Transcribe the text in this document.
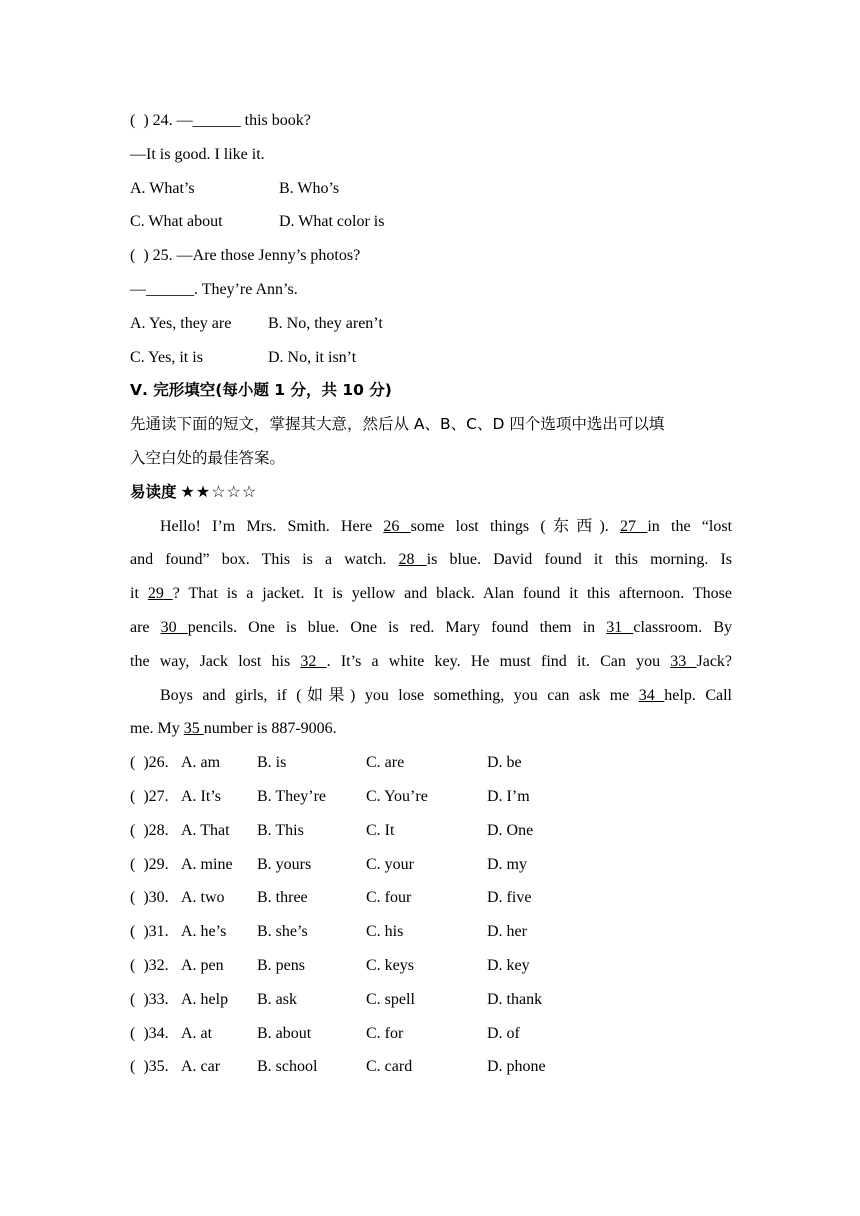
(  ) 24. —______ this book?
—It is good. I like it.
A. What’s	B. Who’s
C. What about	D. What color is
(  ) 25. —Are those Jenny’s photos?
—______. They’re Ann’s.
A. Yes, they are B. No, they aren’t
C. Yes, it is	D. No, it isn’t
Ⅴ. 完形填空(每小题 1 分，共 10 分)
先通读下面的短文，掌握其大意，然后从 A、B、C、D 四个选项中选出可以填
入空白处的最佳答案。
易读度 ★★☆☆☆
Hello! I’m Mrs. Smith. Here 26 some lost things (东西). 27 in the “lost
and found” box. This is a watch. 28 is blue. David found it this morning. Is
it 29 ? That is a jacket. It is yellow and black. Alan found it this afternoon. Those
are 30 pencils. One is blue. One is red. Mary found them in 31 classroom. By
the way, Jack lost his 32 . It’s a white key. He must find it. Can you 33 Jack?
Boys and girls, if (如果) you lose something, you can ask me 34 help. Call
me. My 35 number is 887-9006.
(  )26. A. am B. is	C. are	D. be
(  )27. A. It’s B. They’re C. You’re	D. I’m
(  )28. A. That B. This	C. It	D. One
(  )29. A. mine B. yours	C. your	D. my
(  )30. A. two B. three	C. four	D. five
(  )31. A. he’s B. she’s	C. his	D. her
(  )32. A. pen B. pens	C. keys	D. key
(  )33. A. help B. ask	C. spell	D. thank
(  )34. A. at	B. about	C. for	D. of
(  )35. A. car B. school	C. card	D. phone
